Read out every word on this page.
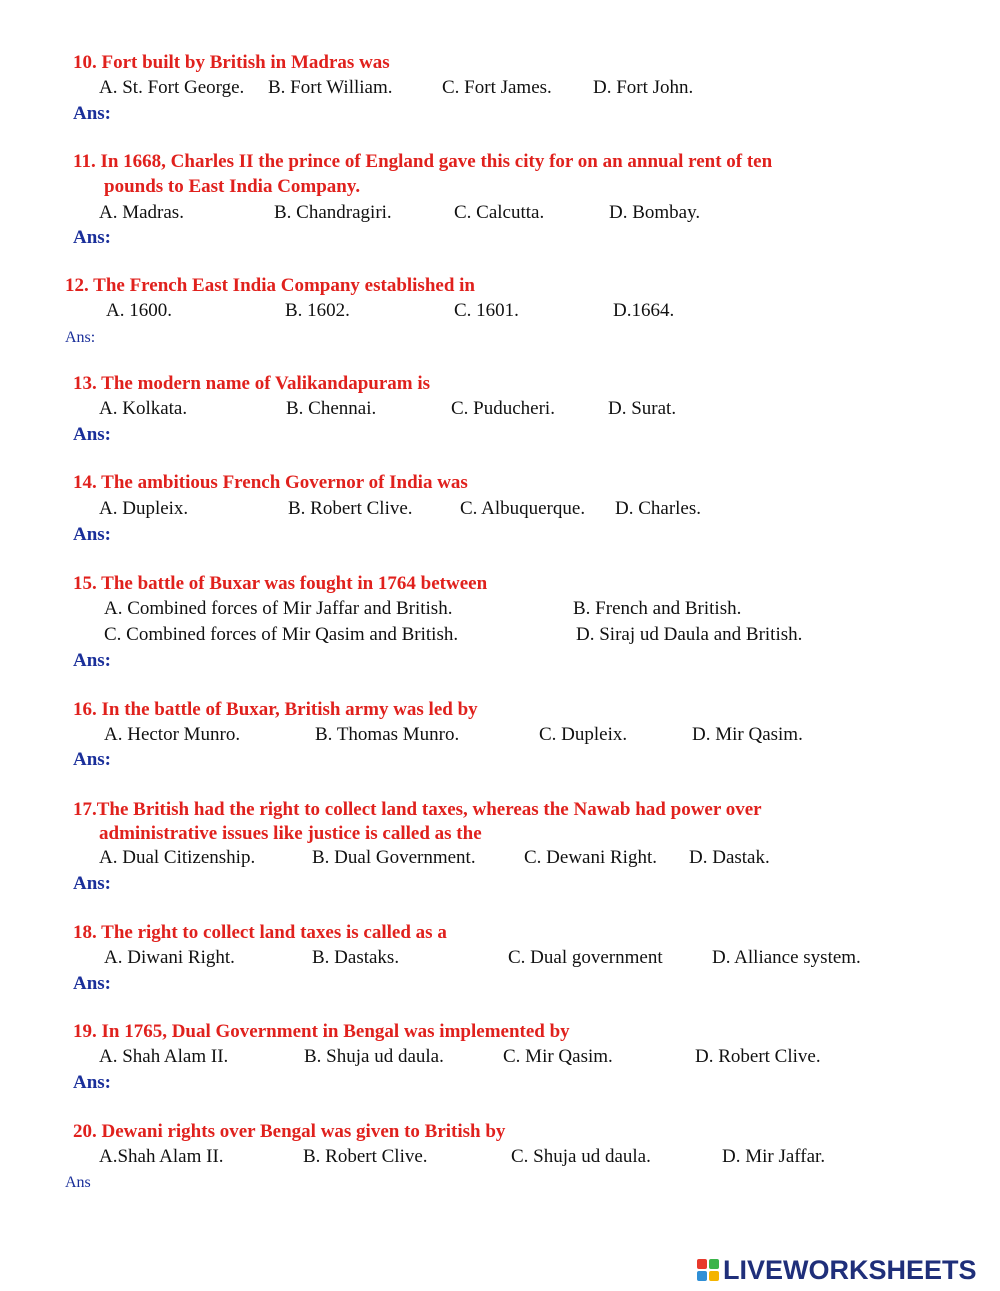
10. Fort built by British in Madras was
A. St. Fort George. B. Fort William.	C. Fort James. D. Fort John.
Ans:
11. In 1668, Charles II the prince of England gave this city for on an annual rent of ten
pounds to East India Company.
A. Madras.	B. Chandragiri.	C. Calcutta.	D. Bombay.
Ans:
12. The French East India Company established in
A. 1600.	B. 1602.	C. 1601.	D.1664.
Ans:
13. The modern name of Valikandapuram is
A. Kolkata.	B. Chennai.	C. Puducheri.	D. Surat.
Ans:
14. The ambitious French Governor of India was
A. Dupleix.	B. Robert Clive. C. Albuquerque. D. Charles.
Ans:
15. The battle of Buxar was fought in 1764 between
A. Combined forces of Mir Jaffar and British.	B. French and British.
C. Combined forces of Mir Qasim and British.	D. Siraj ud Daula and British.
Ans:
16. In the battle of Buxar, British army was led by
A. Hector Munro.	B. Thomas Munro.	C. Dupleix.	D. Mir Qasim.
Ans:
17.The British had the right to collect land taxes, whereas the Nawab had power over
administrative issues like justice is called as the
A. Dual Citizenship.	B. Dual Government.	C. Dewani Right. D. Dastak.
Ans:
18. The right to collect land taxes is called as a
A. Diwani Right.	B. Dastaks.	C. Dual government	D. Alliance system.
Ans:
19. In 1765, Dual Government in Bengal was implemented by
A. Shah Alam II.	B. Shuja ud daula.	C. Mir Qasim.	D. Robert Clive.
Ans:
20. Dewani rights over Bengal was given to British by
A.Shah Alam II.	B. Robert Clive.	C. Shuja ud daula.	D. Mir Jaffar.
Ans
LIVEWORKSHEETS
